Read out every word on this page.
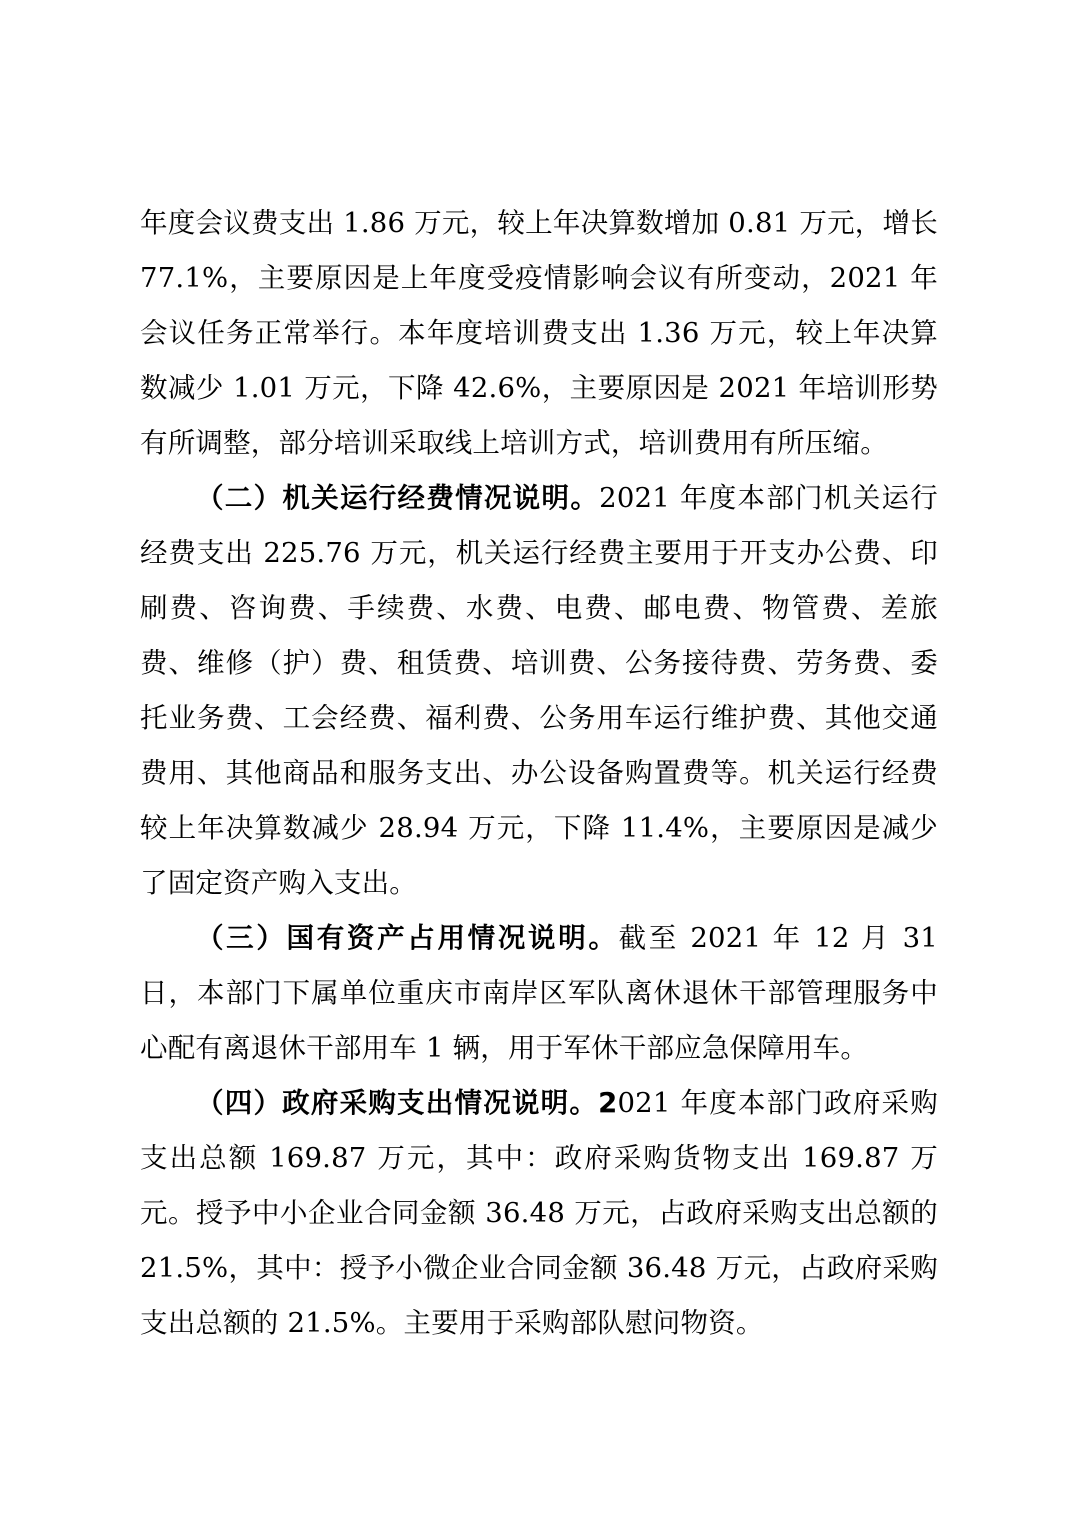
年度会议费支出 1.86 万元，较上年决算数增加 0.81 万元，增长 77.1%，主要原因是上年度受疫情影响会议有所变动，2021 年会议任务正常举行。本年度培训费支出 1.36 万元，较上年决算数减少 1.01 万元，下降 42.6%，主要原因是 2021 年培训形势有所调整，部分培训采取线上培训方式，培训费用有所压缩。

（二）机关运行经费情况说明。2021 年度本部门机关运行经费支出 225.76 万元，机关运行经费主要用于开支办公费、印刷费、咨询费、手续费、水费、电费、邮电费、物管费、差旅费、维修（护）费、租赁费、培训费、公务接待费、劳务费、委托业务费、工会经费、福利费、公务用车运行维护费、其他交通费用、其他商品和服务支出、办公设备购置费等。机关运行经费较上年决算数减少 28.94 万元，下降 11.4%，主要原因是减少了固定资产购入支出。

（三）国有资产占用情况说明。截至 2021 年 12 月 31 日，本部门下属单位重庆市南岸区军队离休退休干部管理服务中心配有离退休干部用车 1 辆，用于军休干部应急保障用车。

（四）政府采购支出情况说明。2021 年度本部门政府采购支出总额 169.87 万元，其中：政府采购货物支出 169.87 万元。授予中小企业合同金额 36.48 万元，占政府采购支出总额的 21.5%，其中：授予小微企业合同金额 36.48 万元，占政府采购支出总额的 21.5%。主要用于采购部队慰问物资。
